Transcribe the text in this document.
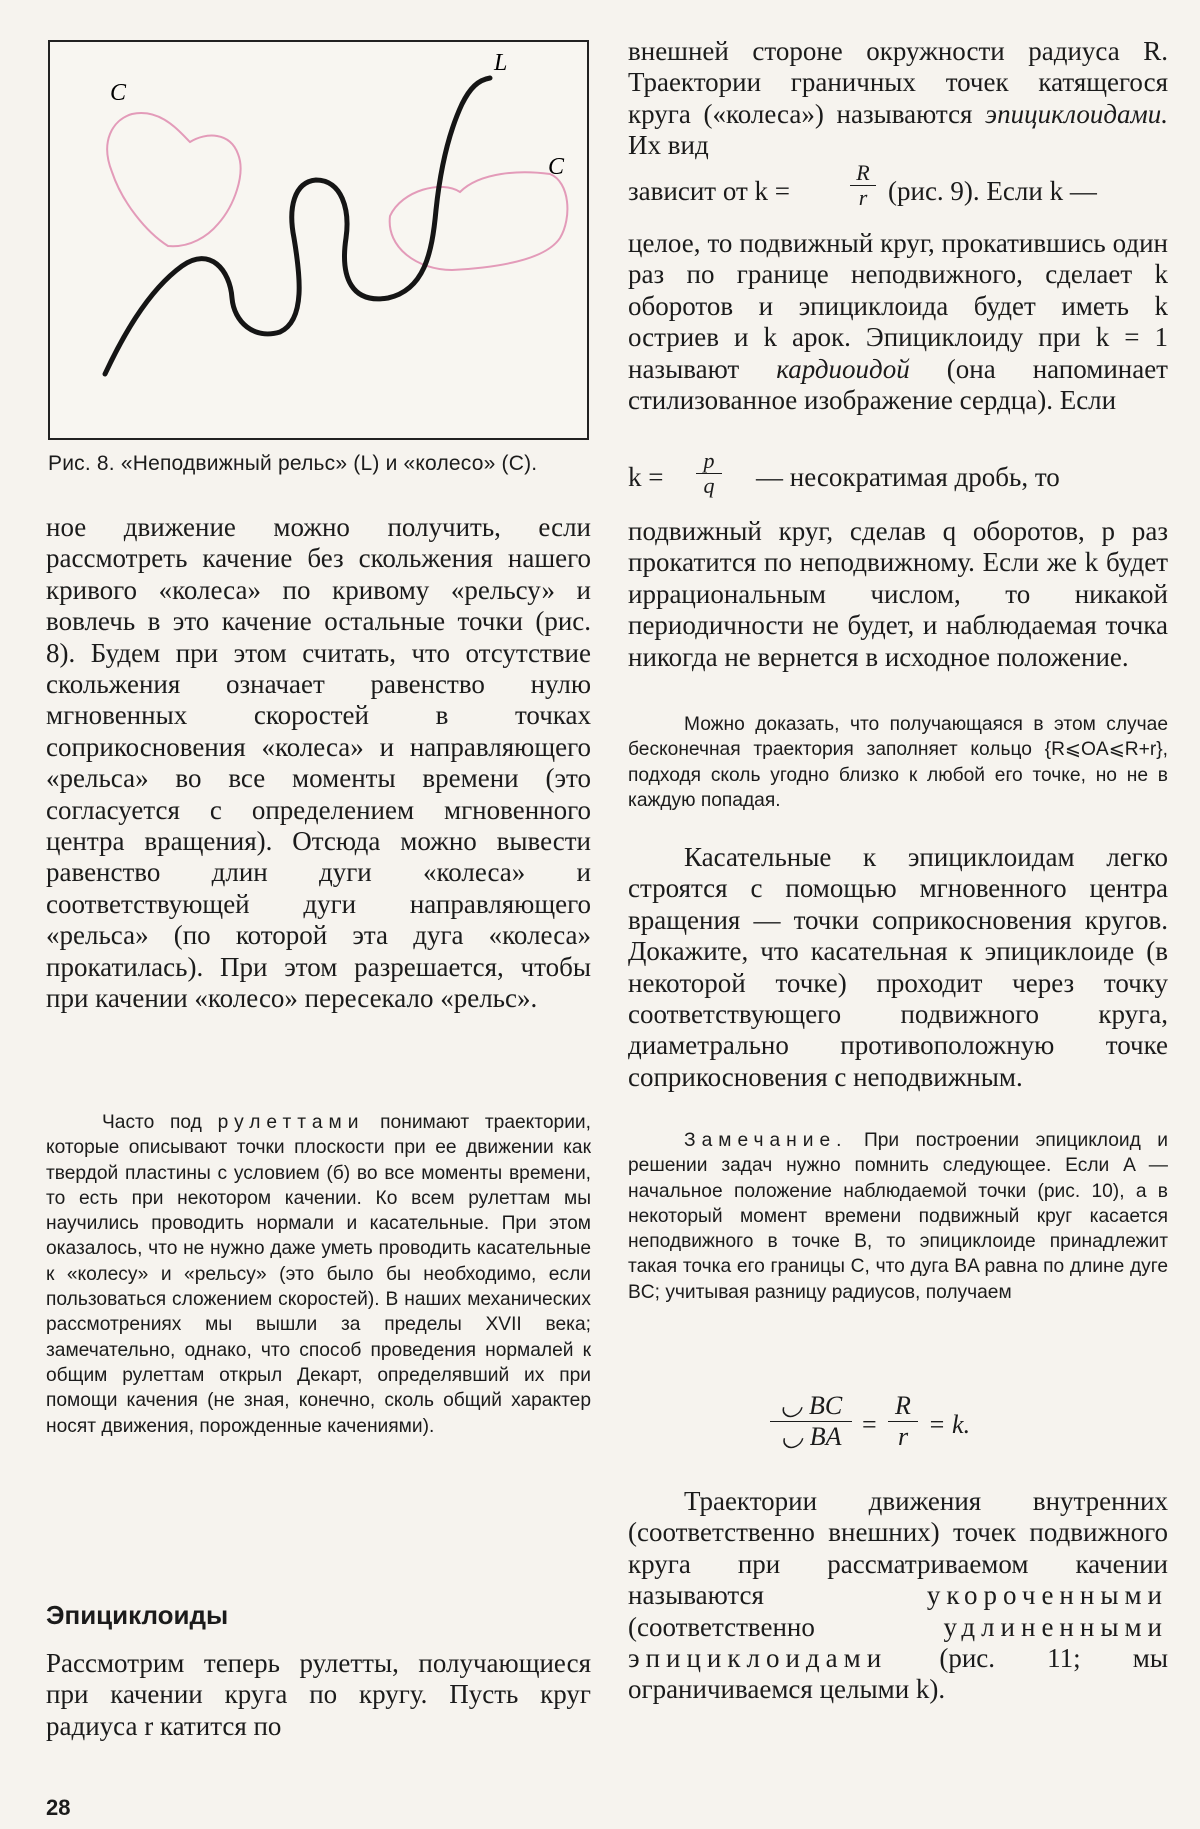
C
L
C
Рис. 8. «Неподвижный рельс» (L) и «колесо» (C).

ное движение можно получить, если рассмотреть качение без скольжения нашего кривого «колеса» по кривому «рельсу» и вовлечь в это качение остальные точки (рис. 8). Будем при этом считать, что отсутствие скольжения означает равенство нулю мгновенных скоростей в точках соприкосновения «колеса» и направляющего «рельса» во все моменты времени (это согласуется с определением мгновенного центра вращения). Отсюда можно вывести равенство длин дуги «колеса» и соответствующей дуги направляющего «рельса» (по которой эта дуга «колеса» прокатилась). При этом разрешается, чтобы при качении «колесо» пересекало «рельс».

Часто под рулеттами понимают траектории, которые описывают точки плоскости при ее движении как твердой пластины с условием (б) во все моменты времени, то есть при некотором качении. Ко всем рулеттам мы научились проводить нормали и касательные. При этом оказалось, что не нужно даже уметь проводить касательные к «колесу» и «рельсу» (это было бы необходимо, если пользоваться сложением скоростей). В наших механических рассмотрениях мы вышли за пределы XVII века; замечательно, однако, что способ проведения нормалей к общим рулеттам открыл Декарт, определявший их при помощи качения (не зная, конечно, сколь общий характер носят движения, порожденные качениями).

Эпициклоиды

Рассмотрим теперь рулетты, получающиеся при качении круга по кругу. Пусть круг радиуса r катится по

внешней стороне окружности радиуса R. Траектории граничных точек катящегося круга («колеса») называются эпициклоидами. Их вид

зависит от k =
R
r (рис. 9). Если k —

целое, то подвижный круг, прокатившись один раз по границе неподвижного, сделает k оборотов и эпициклоида будет иметь k остриев и k арок. Эпициклоиду при k = 1 называют кардиоидой (она напоминает стилизованное изображение сердца). Если

k =
p
q — несократимая дробь, то

подвижный круг, сделав q оборотов, p раз прокатится по неподвижному. Если же k будет иррациональным числом, то никакой периодичности не будет, и наблюдаемая точка никогда не вернется в исходное положение.

Можно доказать, что получающаяся в этом случае бесконечная траектория заполняет кольцо {R⩽OA⩽R+r}, подходя сколь угодно близко к любой его точке, но не в каждую попадая.

Касательные к эпициклоидам легко строятся с помощью мгновенного центра вращения — точки соприкосновения кругов. Докажите, что касательная к эпициклоиде (в некоторой точке) проходит через точку соответствующего подвижного круга, диаметрально противоположную точке соприкосновения с неподвижным.

Замечание. При построении эпициклоид и решении задач нужно помнить следующее. Если A — начальное положение наблюдаемой точки (рис. 10), а в некоторый момент времени подвижный круг касается неподвижного в точке B, то эпициклоиде принадлежит такая точка его границы C, что дуга BA равна по длине дуге BC; учитывая разницу радиусов, получаем

◡ BC
◡ BA =
R
r = k.

Траектории движения внутренних (соответственно внешних) точек подвижного круга при рассматриваемом качении называются	укороченными (соответственно	удлиненными эпициклоидами (рис. 11; мы ограничиваемся целыми k).

28
